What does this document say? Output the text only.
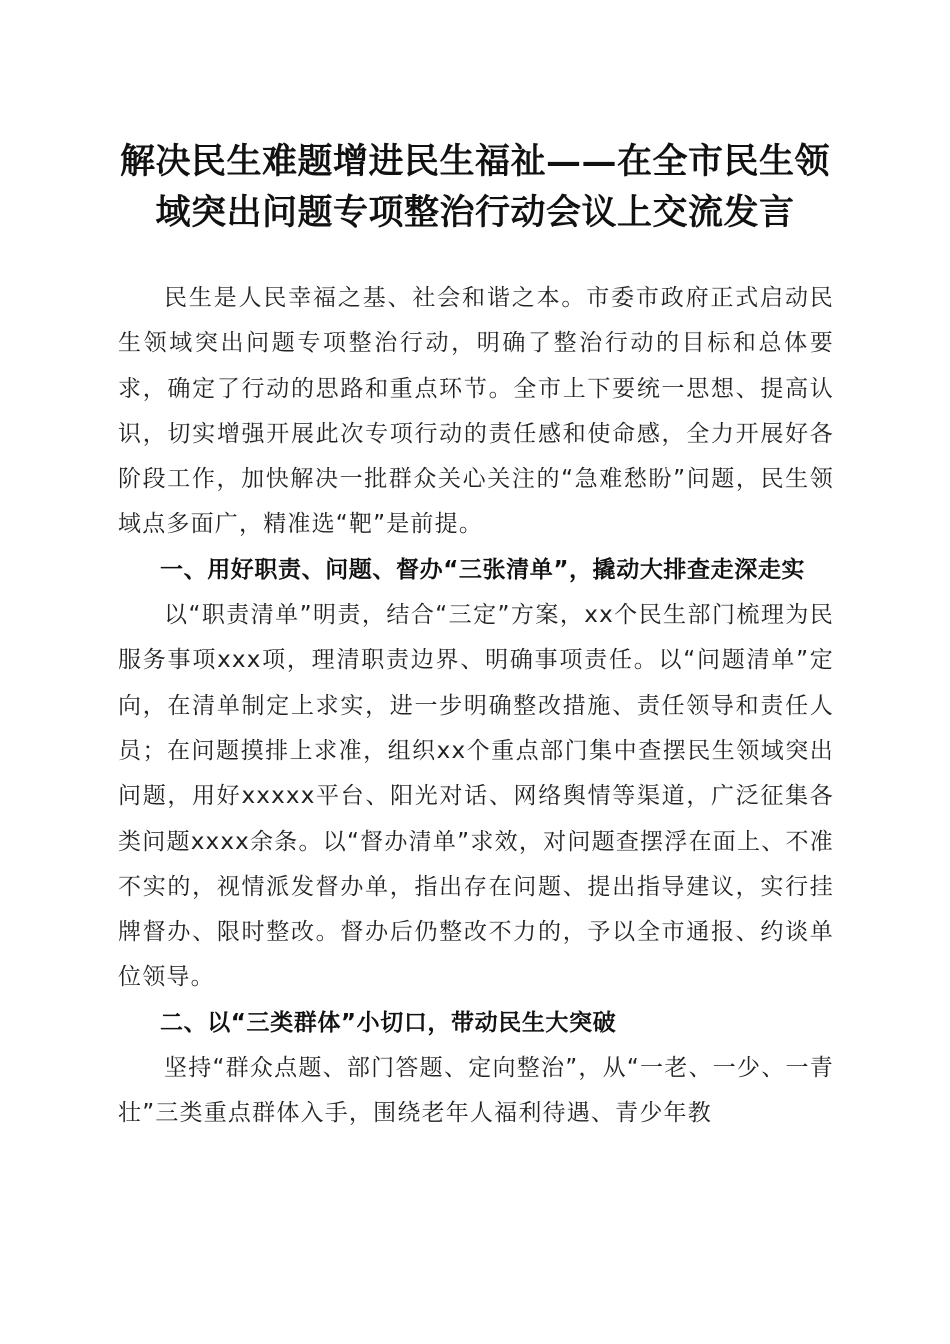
解决民生难题增进民生福祉——在全市民生领
域突出问题专项整治行动会议上交流发言

民生是人民幸福之基、社会和谐之本。市委市政府正式启动民生领域突出问题专项整治行动，明确了整治行动的目标和总体要求，确定了行动的思路和重点环节。全市上下要统一思想、提高认识，切实增强开展此次专项行动的责任感和使命感，全力开展好各阶段工作，加快解决一批群众关心关注的“急难愁盼”问题，民生领域点多面广，精准选“靶”是前提。

一、用好职责、问题、督办“三张清单”，撬动大排查走深走实

以“职责清单”明责，结合“三定”方案，xx个民生部门梳理为民服务事项xxx项，理清职责边界、明确事项责任。以“问题清单”定向，在清单制定上求实，进一步明确整改措施、责任领导和责任人员；在问题摸排上求准，组织xx个重点部门集中查摆民生领域突出问题，用好xxxxx平台、阳光对话、网络舆情等渠道，广泛征集各类问题xxxx余条。以“督办清单”求效，对问题查摆浮在面上、不准不实的，视情派发督办单，指出存在问题、提出指导建议，实行挂牌督办、限时整改。督办后仍整改不力的，予以全市通报、约谈单位领导。

二、以“三类群体”小切口，带动民生大突破

坚持“群众点题、部门答题、定向整治”，从“一老、一少、一青壮”三类重点群体入手，围绕老年人福利待遇、青少年教
